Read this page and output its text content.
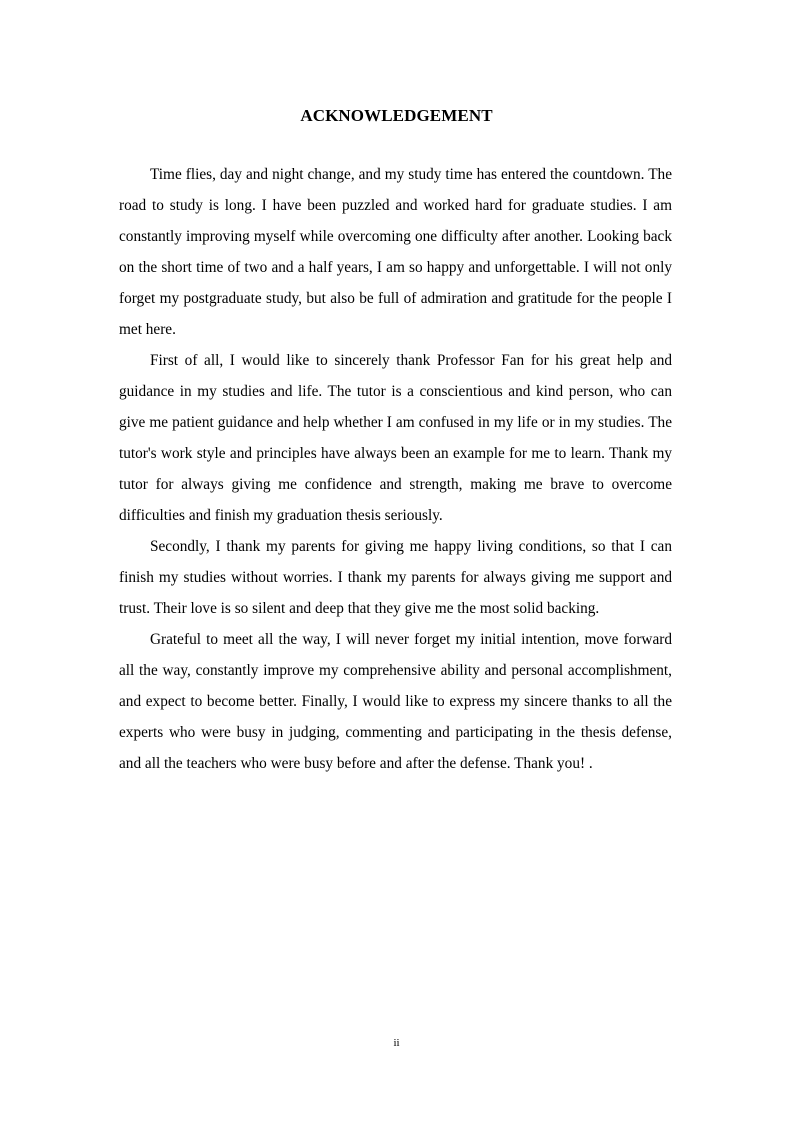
ACKNOWLEDGEMENT

Time flies, day and night change, and my study time has entered the countdown. The road to study is long. I have been puzzled and worked hard for graduate studies. I am constantly improving myself while overcoming one difficulty after another. Looking back on the short time of two and a half years, I am so happy and unforgettable. I will not only forget my postgraduate study, but also be full of admiration and gratitude for the people I met here.

First of all, I would like to sincerely thank Professor Fan for his great help and guidance in my studies and life. The tutor is a conscientious and kind person, who can give me patient guidance and help whether I am confused in my life or in my studies. The tutor's work style and principles have always been an example for me to learn. Thank my tutor for always giving me confidence and strength, making me brave to overcome difficulties and finish my graduation thesis seriously.

Secondly, I thank my parents for giving me happy living conditions, so that I can finish my studies without worries. I thank my parents for always giving me support and trust. Their love is so silent and deep that they give me the most solid backing.

Grateful to meet all the way, I will never forget my initial intention, move forward all the way, constantly improve my comprehensive ability and personal accomplishment, and expect to become better. Finally, I would like to express my sincere thanks to all the experts who were busy in judging, commenting and participating in the thesis defense, and all the teachers who were busy before and after the defense. Thank you! .

ii
